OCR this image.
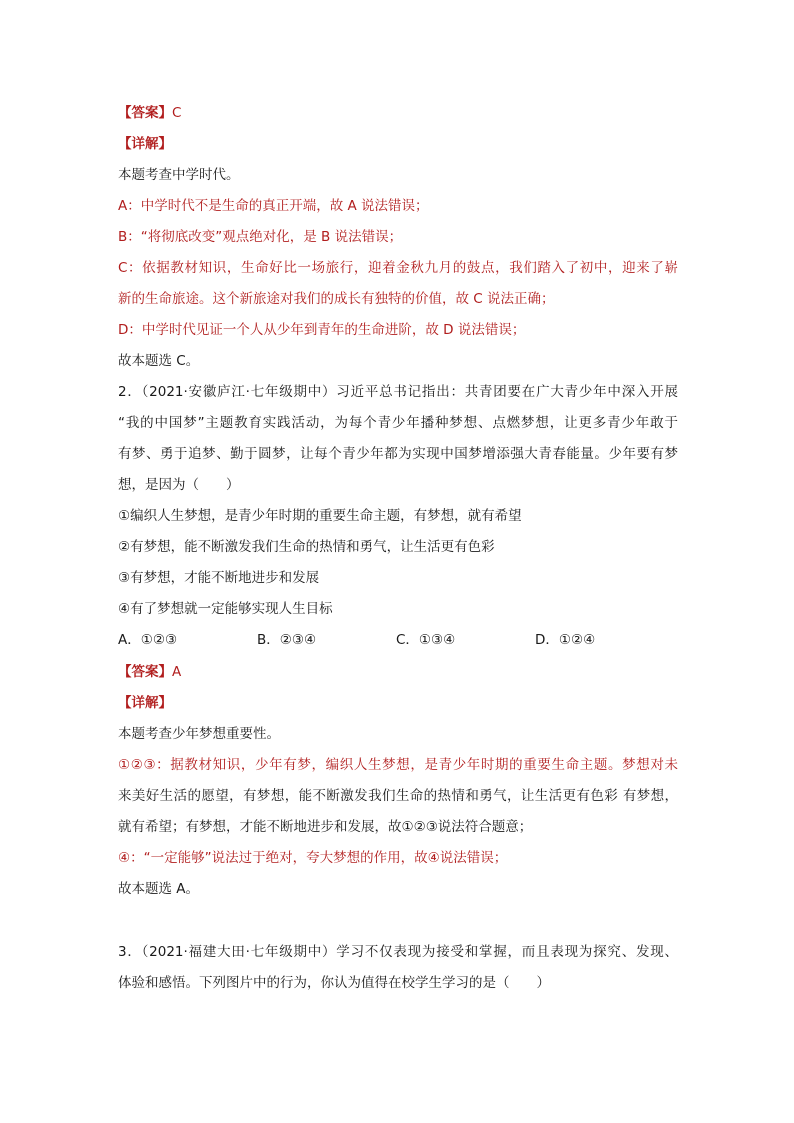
【答案】C
【详解】
本题考查中学时代。
A：中学时代不是生命的真正开端，故 A 说法错误；
B：“将彻底改变”观点绝对化，是 B 说法错误；
C：依据教材知识，生命好比一场旅行，迎着金秋九月的鼓点，我们踏入了初中，迎来了崭
新的生命旅途。这个新旅途对我们的成长有独特的价值，故 C 说法正确；
D：中学时代见证一个人从少年到青年的生命进阶，故 D 说法错误；
故本题选 C。
2．（2021·安徽庐江·七年级期中）习近平总书记指出：共青团要在广大青少年中深入开展
“我的中国梦”主题教育实践活动，为每个青少年播种梦想、点燃梦想，让更多青少年敢于
有梦、勇于追梦、勤于圆梦，让每个青少年都为实现中国梦增添强大青春能量。少年要有梦
想，是因为（　　）
①编织人生梦想，是青少年时期的重要生命主题，有梦想，就有希望
②有梦想，能不断激发我们生命的热情和勇气，让生活更有色彩
③有梦想，才能不断地进步和发展
④有了梦想就一定能够实现人生目标
A．①②③	B．②③④	C．①③④	D．①②④
【答案】A
【详解】
本题考查少年梦想重要性。
①②③：据教材知识，少年有梦，编织人生梦想，是青少年时期的重要生命主题。梦想对未
来美好生活的愿望，有梦想，能不断激发我们生命的热情和勇气，让生活更有色彩 有梦想，
就有希望；有梦想，才能不断地进步和发展，故①②③说法符合题意；
④：“一定能够”说法过于绝对，夸大梦想的作用，故④说法错误；
故本题选 A。
3．（2021·福建大田·七年级期中）学习不仅表现为接受和掌握，而且表现为探究、发现、
体验和感悟。下列图片中的行为，你认为值得在校学生学习的是（　　）
